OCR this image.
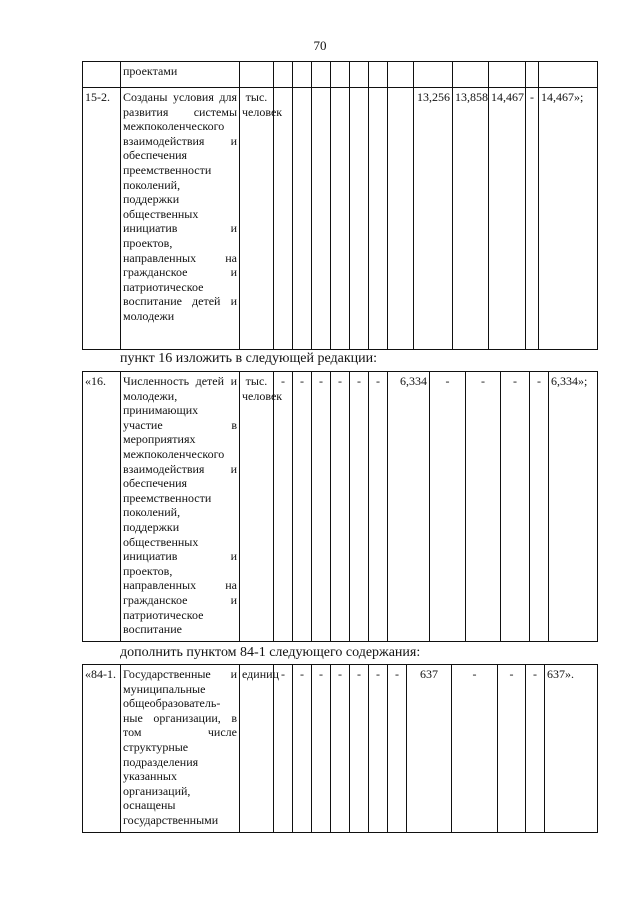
70
	проектами													
15-2.	Созданы условия для развития системы межпоколенческого взаимодействия и обеспечения преемственности поколений, поддержки общественных инициатив и проектов, направленных на гражданское и патриотическое воспитание детей и молодежи	тыс. человек								13,256	13,858	14,467	-	14,467»;
пункт 16 изложить в следующей редакции:
«16.	Численность детей и молодежи, принимающих участие в мероприятиях межпоколенческого взаимодействия и обеспечения преемственности поколений, поддержки общественных инициатив и проектов, направленных на гражданское и патриотическое воспитание	тыс. человек	-	-	-	-	-	-	6,334	-	-	-	-	6,334»;
дополнить пунктом 84-1 следующего содержания:
«84-1.	Государственные и муниципальные общеобразователь-ные организации, в том числе структурные подразделения указанных организаций, оснащены государственными	единиц	-	-	-	-	-	-	-	637	-	-	-	637».
